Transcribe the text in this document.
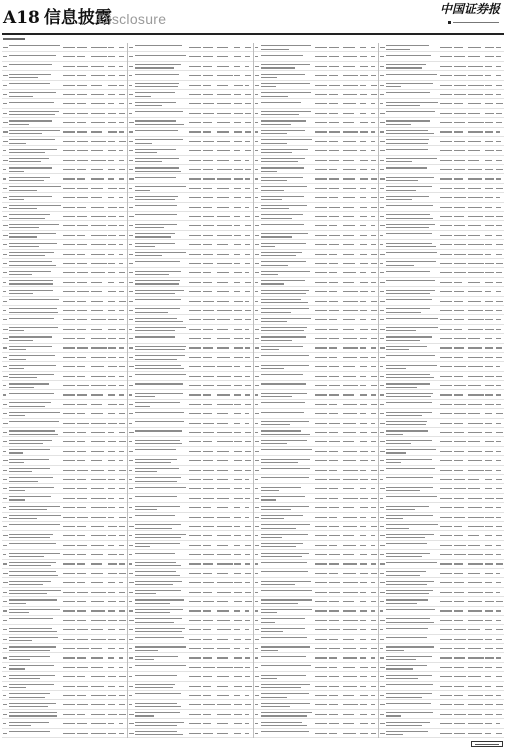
A18 信息披露
Disclosure
中国证券报
